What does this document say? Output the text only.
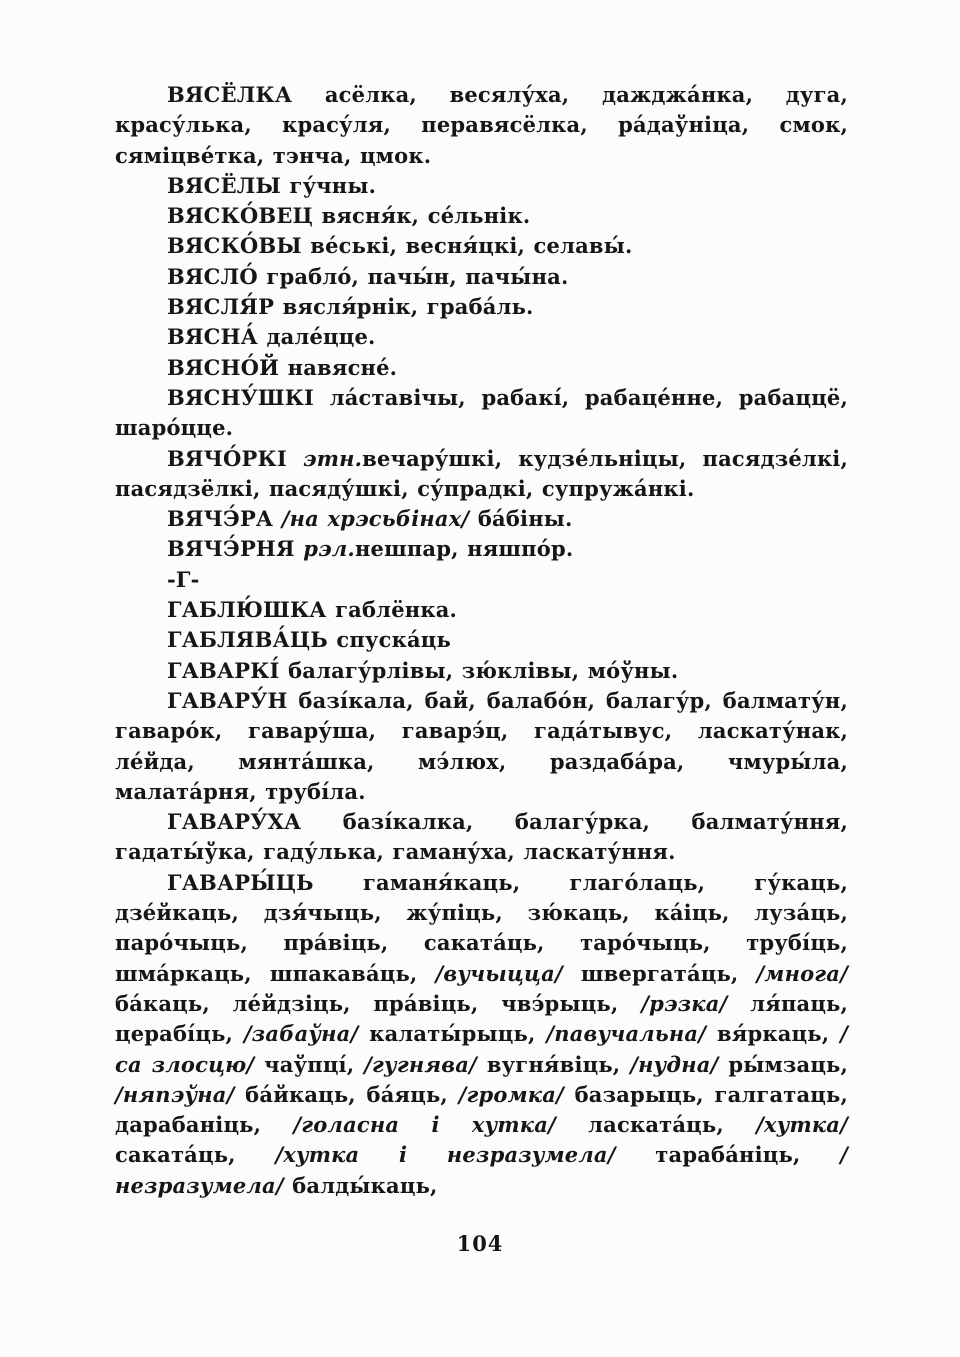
ВЯСЁЛКА асёлка, весялу́ха, дажджа́нка, дуга, красу́лька, красу́ля, перавясёлка, ра́даўніца, смок, сяміцве́тка, тэнча, цмок.

ВЯСЁЛЫ гу́чны.

ВЯСКО́ВЕЦ вясня́к, се́льнік.

ВЯСКО́ВЫ ве́ські, весня́цкі, селавы́.

ВЯСЛО́ грабло́, пачы́н, пачы́на.

ВЯСЛЯ́Р вясля́рнік, граба́ль.

ВЯСНА́ дале́цце.

ВЯСНО́Й навясне́.

ВЯСНУ́ШКІ ла́ставічы, рабакі́, рабаце́нне, рабаццё, шаро́цце.

ВЯЧО́РКІ этн.вечару́шкі, кудзе́льніцы, пасядзе́лкі, пасядзёлкі, пасяду́шкі, су́прадкі, супружа́нкі.

ВЯЧЭ́РА /на хрэсьбінах/ ба́біны.

ВЯЧЭ́РНЯ рэл.нешпар, няшпо́р.

-Г-

ГАБЛЮ́ШКА габлёнка.

ГАБЛЯВА́ЦЬ спуска́ць

ГАВАРКІ́ балагу́рлівы, зю́клівы, мо́ўны.

ГАВАРУ́Н базі́кала, бай, балабо́н, балагу́р, балмату́н, гаваро́к, гавару́ша, гаварэ́ц, гада́тывус, ласкату́нак, ле́йда, мянта́шка, мэ́люх, раздаба́ра, чмуры́ла, малата́рня, трубі́ла.

ГАВАРУ́ХА базі́калка, балагу́рка, балмату́ння, гадаты́ўка, гаду́лька, гаману́ха, ласкату́ння.

ГАВАРЫ́ЦЬ гаманя́каць, глаго́лаць, гу́каць, дзе́йкаць, дзя́чыць, жу́піць, зю́каць, ка́іць, луза́ць, паро́чыць, пра́віць, саката́ць, таро́чыць, трубі́ць, шма́ркаць, шпакава́ць, /вучыцца/ швергата́ць, /многа/ба́каць, ле́йдзіць, пра́віць, чвэ́рыць, /рэзка/ ля́паць, церабі́ць, /забаўна/ калаты́рыць, /павучальна/ вя́ркаць, /са злосцю/ чаўпці́, /гугнява/ вугня́віць, /нудна/ ры́мзаць, /няпэўна/ ба́йкаць, ба́яць, /громка/ базарыць, галгатаць, дарабаніць, /голасна і хутка/ ласката́ць, /хутка/ саката́ць, /хутка і незразумела/ тараба́ніць, /незразумела/ балды́каць,

104
